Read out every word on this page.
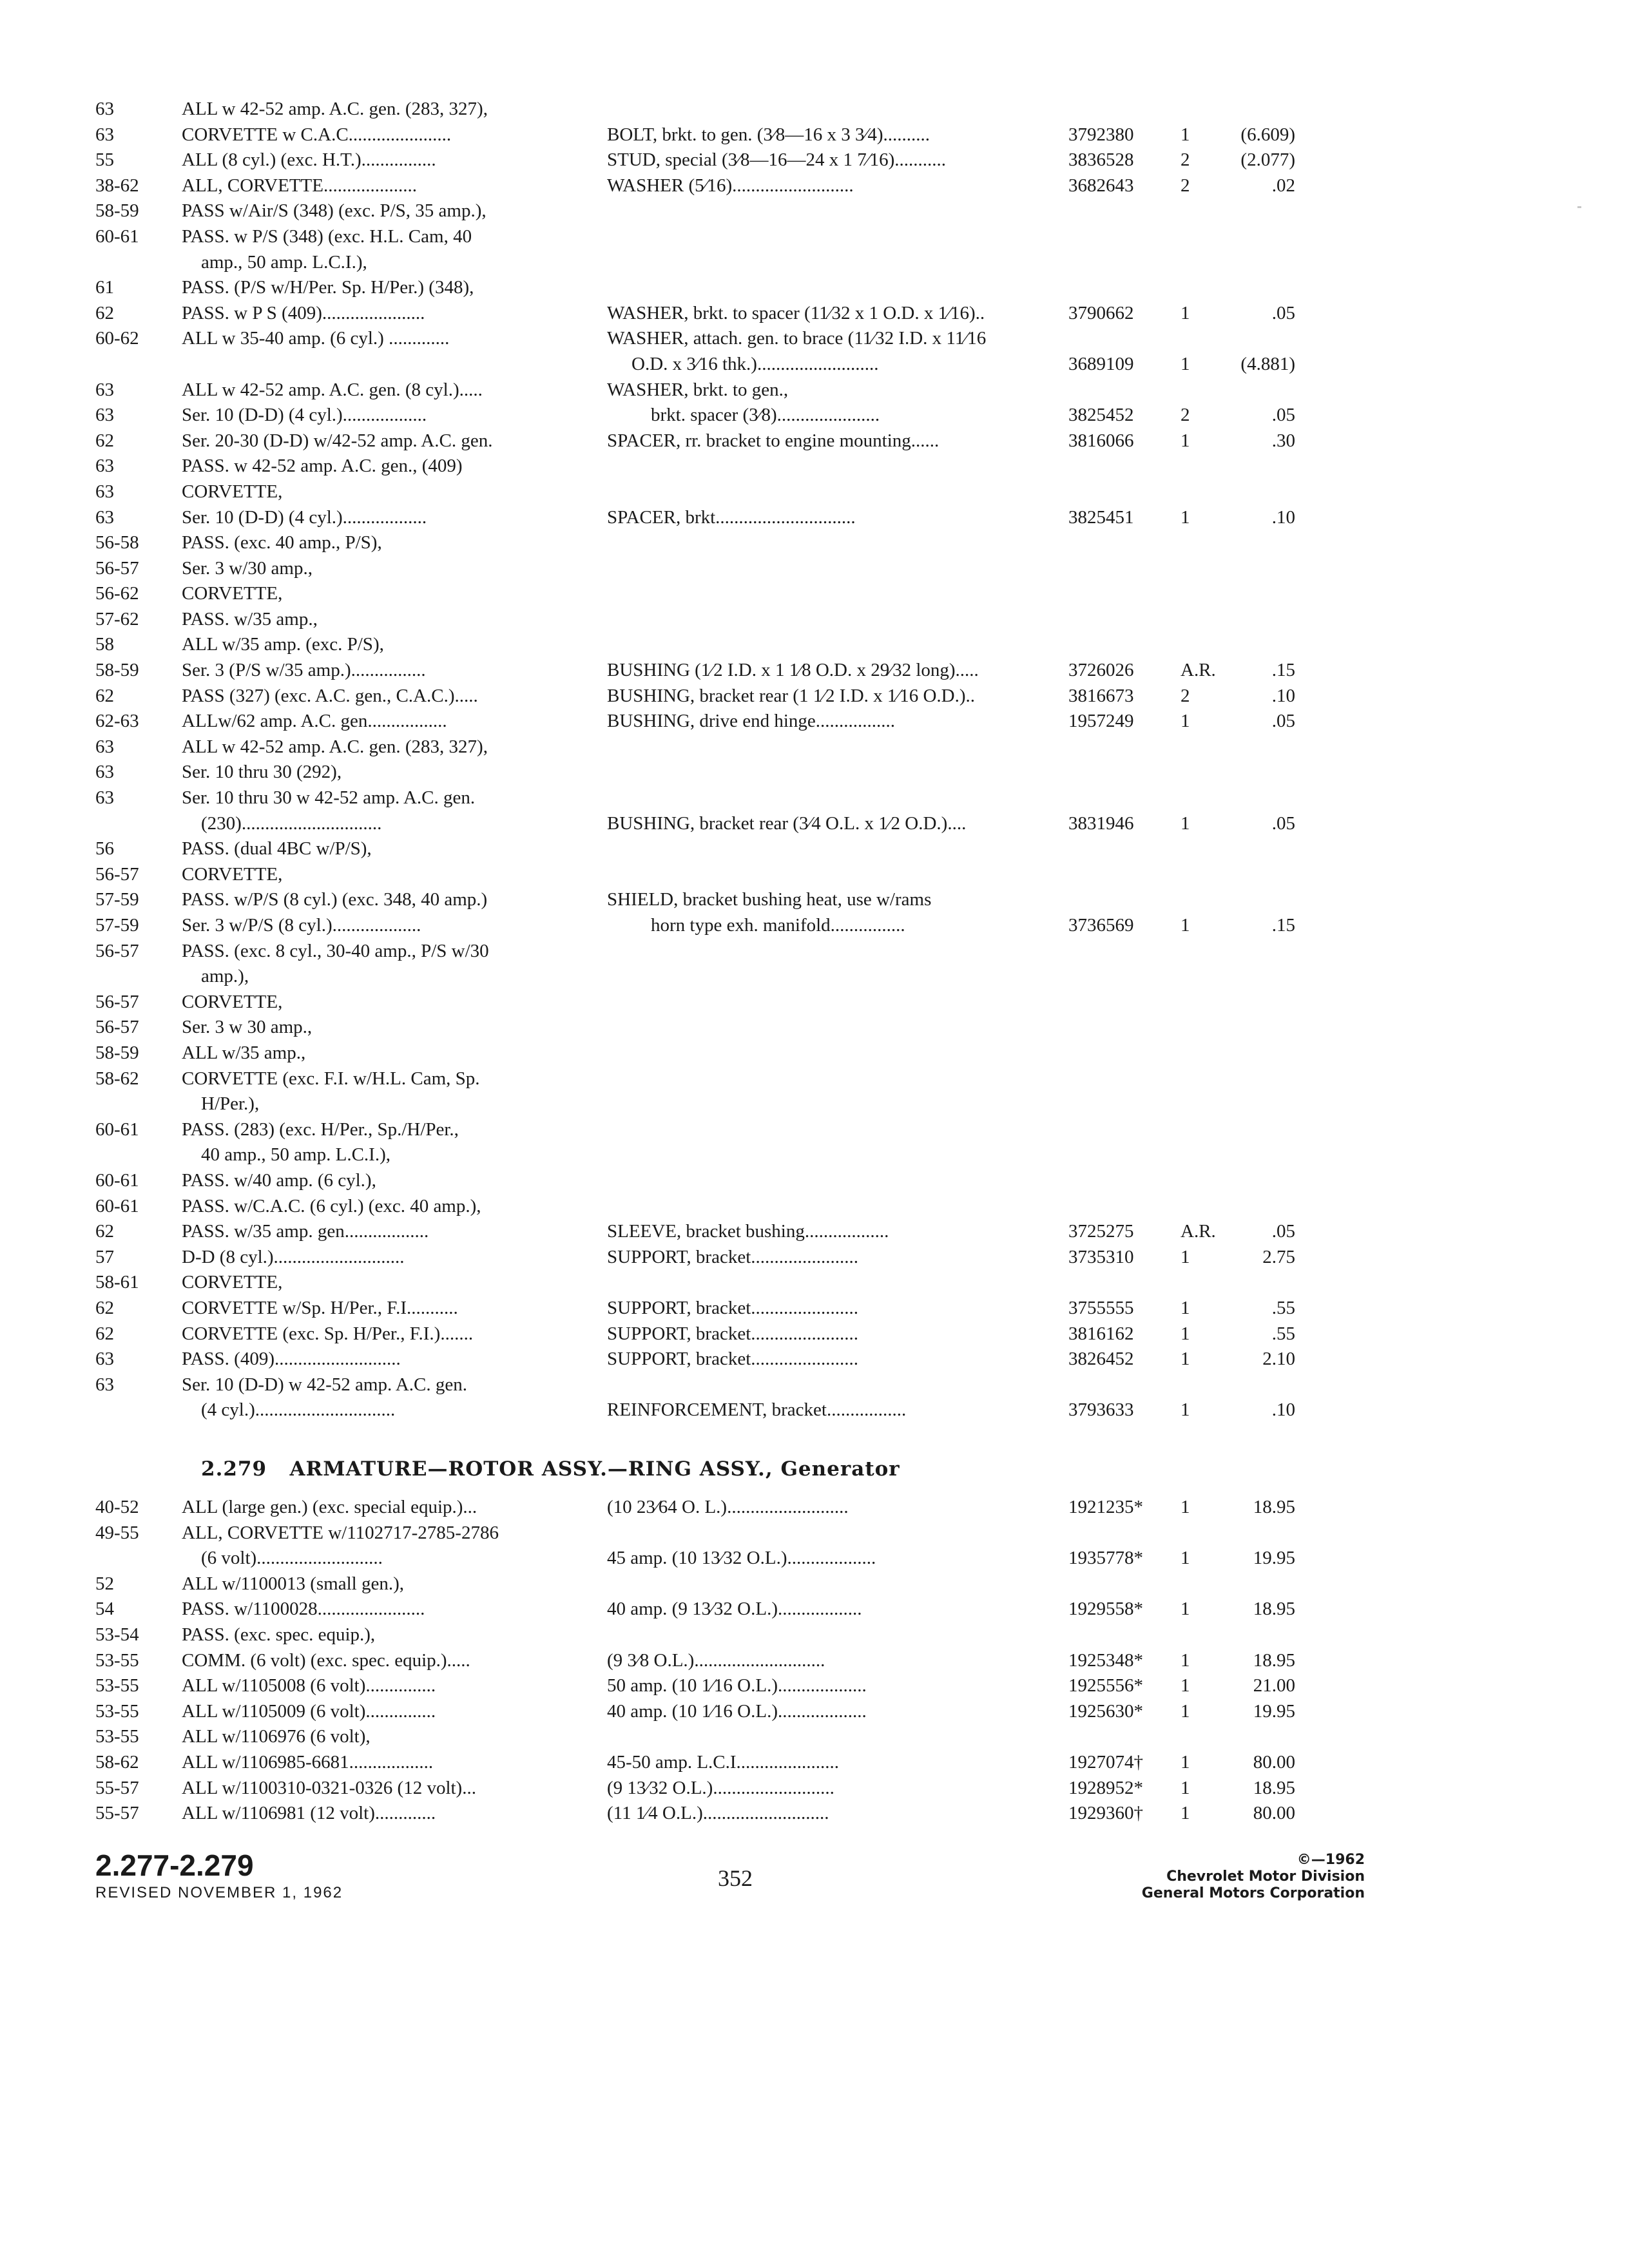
63	ALL w 42-52 amp. A.C. gen. (283, 327),
63	CORVETTE w C.A.C......................	BOLT, brkt. to gen. (3⁄8—16 x 3 3⁄4)..........	3792380	1	(6.609)
55	ALL (8 cyl.) (exc. H.T.)................	STUD, special (3⁄8—16—24 x 1 7⁄16)...........	3836528	2	(2.077)
38-62 ALL, CORVETTE....................	WASHER (5⁄16)..........................	3682643	2	.02
58-59 PASS w/Air/S (348) (exc. P/S, 35 amp.),
60-61 PASS. w P/S (348) (exc. H.L. Cam, 40
amp., 50 amp. L.C.I.),
61	PASS. (P/S w/H/Per. Sp. H/Per.) (348),
62	PASS. w P S (409)......................	WASHER, brkt. to spacer (11⁄32 x 1 O.D. x 1⁄16)..	3790662	1	.05
60-62 ALL w 35-40 amp. (6 cyl.) .............	WASHER, attach. gen. to brace (11⁄32 I.D. x 11⁄16
O.D. x 3⁄16 thk.)..........................	3689109	1	(4.881)
63	ALL w 42-52 amp. A.C. gen. (8 cyl.).....	WASHER, brkt. to gen.,
63	Ser. 10 (D-D) (4 cyl.)..................	brkt. spacer (3⁄8)......................	3825452	2	.05
62	Ser. 20-30 (D-D) w/42-52 amp. A.C. gen.	SPACER, rr. bracket to engine mounting......	3816066	1	.30
63	PASS. w 42-52 amp. A.C. gen., (409)
63	CORVETTE,
63	Ser. 10 (D-D) (4 cyl.)..................	SPACER, brkt..............................	3825451	1	.10
56-58 PASS. (exc. 40 amp., P/S),
56-57 Ser. 3 w/30 amp.,
56-62 CORVETTE,
57-62 PASS. w/35 amp.,
58	ALL w/35 amp. (exc. P/S),
58-59 Ser. 3 (P/S w/35 amp.)................	BUSHING (1⁄2 I.D. x 1 1⁄8 O.D. x 29⁄32 long).....	3726026	A.R.	.15
62	PASS (327) (exc. A.C. gen., C.A.C.).....	BUSHING, bracket rear (1 1⁄2 I.D. x 1⁄16 O.D.)..	3816673	2	.10
62-63 ALLw/62 amp. A.C. gen.................	BUSHING, drive end hinge.................	1957249	1	.05
63	ALL w 42-52 amp. A.C. gen. (283, 327),
63	Ser. 10 thru 30 (292),
63	Ser. 10 thru 30 w 42-52 amp. A.C. gen.
(230)..............................	BUSHING, bracket rear (3⁄4 O.L. x 1⁄2 O.D.)....	3831946	1	.05
56	PASS. (dual 4BC w/P/S),
56-57 CORVETTE,
57-59 PASS. w/P/S (8 cyl.) (exc. 348, 40 amp.)	SHIELD, bracket bushing heat, use w/rams
57-59 Ser. 3 w/P/S (8 cyl.)...................	horn type exh. manifold................	3736569	1	.15
56-57 PASS. (exc. 8 cyl., 30-40 amp., P/S w/30
amp.),
56-57 CORVETTE,
56-57 Ser. 3 w 30 amp.,
58-59 ALL w/35 amp.,
58-62 CORVETTE (exc. F.I. w/H.L. Cam, Sp.
H/Per.),
60-61 PASS. (283) (exc. H/Per., Sp./H/Per.,
40 amp., 50 amp. L.C.I.),
60-61 PASS. w/40 amp. (6 cyl.),
60-61 PASS. w/C.A.C. (6 cyl.) (exc. 40 amp.),
62	PASS. w/35 amp. gen..................	SLEEVE, bracket bushing..................	3725275	A.R.	.05
57	D-D (8 cyl.)............................	SUPPORT, bracket.......................	3735310	1	2.75
58-61 CORVETTE,
62	CORVETTE w/Sp. H/Per., F.I...........	SUPPORT, bracket.......................	3755555	1	.55
62	CORVETTE (exc. Sp. H/Per., F.I.).......	SUPPORT, bracket.......................	3816162	1	.55
63	PASS. (409)...........................	SUPPORT, bracket.......................	3826452	1	2.10
63	Ser. 10 (D-D) w 42-52 amp. A.C. gen.
(4 cyl.)..............................	REINFORCEMENT, bracket.................	3793633	1	.10
2.279 ARMATURE—ROTOR ASSY.—RING ASSY., Generator
40-52 ALL (large gen.) (exc. special equip.)...	(10 23⁄64 O. L.)..........................	1921235* 1	18.95
49-55 ALL, CORVETTE w/1102717-2785-2786
(6 volt)...........................	45 amp. (10 13⁄32 O.L.)...................	1935778* 1	19.95
52	ALL w/1100013 (small gen.),
54	PASS. w/1100028.......................	40 amp. (9 13⁄32 O.L.)..................	1929558* 1	18.95
53-54 PASS. (exc. spec. equip.),
53-55 COMM. (6 volt) (exc. spec. equip.).....	(9 3⁄8 O.L.)............................	1925348* 1	18.95
53-55 ALL w/1105008 (6 volt)...............	50 amp. (10 1⁄16 O.L.)...................	1925556* 1	21.00
53-55 ALL w/1105009 (6 volt)...............	40 amp. (10 1⁄16 O.L.)...................	1925630* 1	19.95
53-55 ALL w/1106976 (6 volt),
58-62 ALL w/1106985-6681..................	45-50 amp. L.C.I......................	1927074† 1	80.00
55-57 ALL w/1100310-0321-0326 (12 volt)...	(9 13⁄32 O.L.)..........................	1928952* 1	18.95
55-57 ALL w/1106981 (12 volt).............	(11 1⁄4 O.L.)...........................	1929360† 1	80.00
2.277-2.279
REVISED NOVEMBER 1, 1962
352
©—1962
Chevrolet Motor Division
General Motors Corporation
